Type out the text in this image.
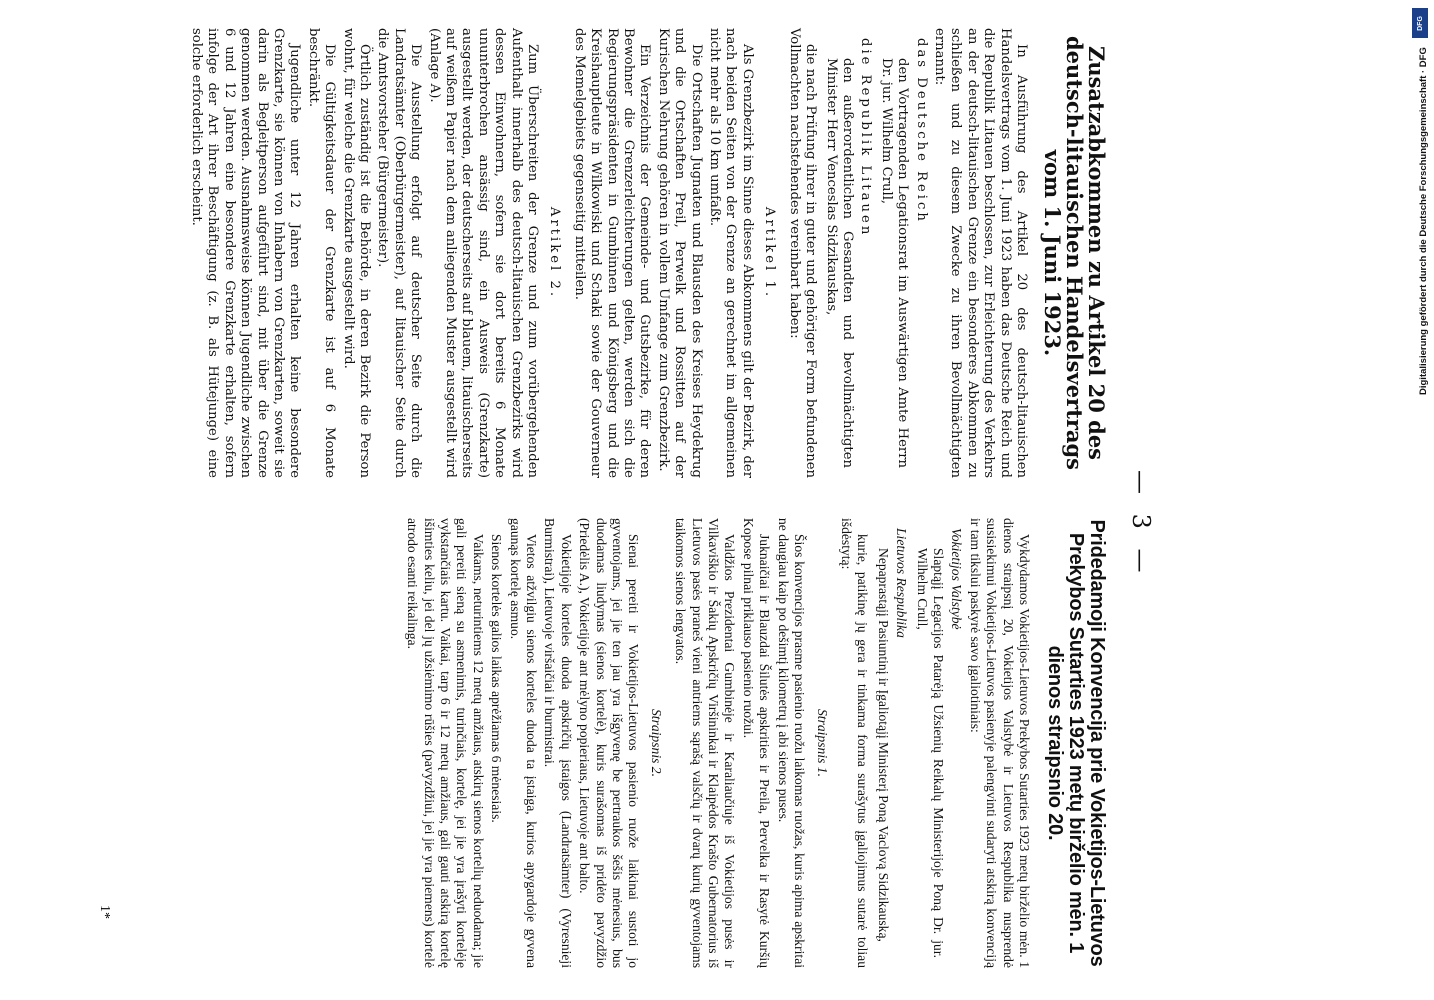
— 3 —
Zusatzabkommen zu Artikel 20 des deutsch-litauischen Handelsvertrags vom 1. Juni 1923.

In Ausführung des Artikel 20 des deutsch-litauischen Handelsvertrags vom 1. Juni 1923 haben das Deutsche Reich und die Republik Litauen beschlossen, zur Erleichterung des Verkehrs an der deutsch-litauischen Grenze ein besonderes Abkommen zu schließen und zu diesem Zwecke zu ihren Bevollmächtigten ernannt:

das Deutsche Reich

den Vortragenden Legationsrat im Auswärtigen Amte Herrn Dr. jur. Wilhelm Crull,

die Republik Litauen

den außerordentlichen Gesandten und bevollmächtigten Minister Herr Venceslas Sidzikauskas,

die nach Prüfung ihrer in guter und gehöriger Form befundenen Vollmachten nachstehendes vereinbart haben:

Artikel 1.

Als Grenzbezirk im Sinne dieses Abkommens gilt der Bezirk, der nach beiden Seiten von der Grenze an gerechnet im allgemeinen nicht mehr als 10 km umfaßt.

Die Ortschaften Jugnaten und Blausden des Kreises Heydekrug und die Ortschaften Preil, Perwelk und Rossitten auf der Kurischen Nehrung gehören in vollem Umfange zum Grenzbezirk.

Ein Verzeichnis der Gemeinde- und Gutsbezirke, für deren Bewohner die Grenzerleichterungen gelten, werden sich die Regierungspräsidenten in Gumbinnen und Königsberg und die Kreishauptleute in Wilkowiski und Schaki sowie der Gouverneur des Memelgebiets gegenseitig mitteilen.

Artikel 2.

Zum Überschreiten der Grenze und zum vorübergehenden Aufenthalt innerhalb des deutsch-litauischen Grenzbezirks wird dessen Einwohnern, sofern sie dort bereits 6 Monate ununterbrochen ansässig sind, ein Ausweis (Grenzkarte) ausgestellt werden, der deutscherseits auf blauem, litauischerseits auf weißem Papier nach dem anliegenden Muster ausgestellt wird (Anlage A).

Die Ausstellung erfolgt auf deutscher Seite durch die Landratsämter (Oberbürgermeister), auf litauischer Seite durch die Amtsvorsteher (Bürgermeister).

Örtlich zuständig ist die Behörde, in deren Bezirk die Person wohnt, für welche die Grenzkarte ausgestellt wird.

Die Gültigkeitsdauer der Grenzkarte ist auf 6 Monate beschränkt.

Jugendliche unter 12 Jahren erhalten keine besondere Grenzkarte, sie können von Inhabern von Grenzkarten, soweit sie darin als Begleitperson aufgeführt sind, mit über die Grenze genommen werden. Ausnahmsweise können Jugendliche zwischen 6 und 12 Jahren eine besondere Grenzkarte erhalten, sofern infolge der Art ihrer Beschäftigung (z. B. als Hütejunge) eine solche erforderlich erscheint.

Pridedamoji Konvencija prie Vokietijos-Lietuvos Prekybos Sutarties 1923 metų birželio mėn. 1 dienos straipsnio 20.

Vykdydamos Vokietijos-Lietuvos Prekybos Sutarties 1923 metų birželio mėn. 1 dienos straipsnį 20, Vokietijos Valstybė ir Lietuvos Respublika nusprendė susisiekimui Vokietijos-Lietuvos pasienyje palengvinti sudaryti atskirą konvenciją ir tam tikslui paskyrė savo įgaliotiniais:

Vokietijos Valstybė

Slaptąjį Legacijos Patarėją Užsienių Reikalų Ministerijoje Poną Dr. jur. Wilhelm Crull,

Lietuvos Respublika

Nepaprastąjį Pasiuntinį ir Įgaliotąjį Ministerį Poną Vaclovą Sidzikauską,

kurie, patikinę jų gera ir tinkama forma surašytus įgaliojimus sutarė toliau išdėstytą:

Straipsnis 1.

Šios konvencijos prasme pasienio ruožu laikomas ruožas, kuris apima apskritai ne daugiau kaip po dešimtį kilometrų į abi sienos puses.

Juknaičiai ir Blauzdai Šilutės apskrities ir Preila, Pervelka ir Rasytė Kuršių Kopose pilnai priklauso pasienio ruožui.

Valdžios Prezidentai Gumbinėje ir Karaliaučiuje iš Vokietijos pusės ir Vilkaviškio ir Šakių Apskričių Viršininkai ir Klaipėdos Krašto Gubernatorius iš Lietuvos pasės praneš vieni antriems sąrašą valsčių ir dvarų kurių gyventojams taikomos sienos lengvatos.

Straipsnis 2.

Sienai pereiti ir Vokietijos-Lietuvos pasienio ruože laikinai sustoti jo gyventojams, jei jie ten jau yra išgyvenę be pertraukos šešis mėnesius, bus duodamas liudymas (sienos kortelė), kuris surašomas iš pridėto pavyzdžio (Priedėlis A.), Vokietijoje ant mėlyno popieriaus, Lietuvoje ant balto.

Vokietijoje korteles duoda apskričių įstaigos (Landratsämter) (Vyresnieji Burmistrai), Lietuvoje viršaičiai ir burmistrai.

Vietos atžvilgiu sienos korteles duoda ta įstaiga, kurios apygardoje gyvena gaunąs kortelę asmuo.

Sienos kortelės galios laikas aprėžiamas 6 mėnesiais.

Vaikams, neturintiems 12 metų amžiaus, atskirų sienos kortelių neduodama; jie gali pereiti sieną su asmenimis, turinčiais, kortelę, jei jie yra įrašyti kortelėje vykstančiais kartu. Vaikai, tarp 6 ir 12 metų amžiaus, gali gauti atskirą kortelę išimties keliu, jei del jų užsiėmimo rūšies (pavyzdžiui, jei jie yra piemens) kortelė atrodo esanti reikalinga.

1*
DFG
Digitalisierung gefördert durch die Deutsche Forschungsgemeinschaft · DFG
